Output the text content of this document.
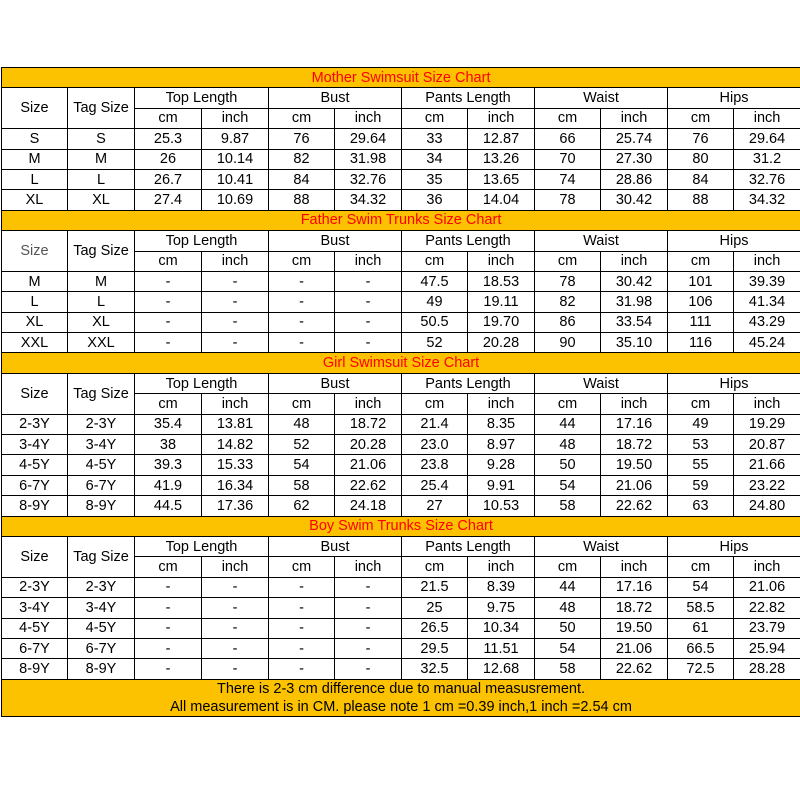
Mother Swimsuit Size Chart											
Size	Tag Size	Top Length		Bust		Pants Length		Waist		Hips	
		cm	inch	cm	inch	cm	inch	cm	inch	cm	inch
S	S	25.3	9.87	76	29.64	33	12.87	66	25.74	76	29.64
M	M	26	10.14	82	31.98	34	13.26	70	27.30	80	31.2
L	L	26.7	10.41	84	32.76	35	13.65	74	28.86	84	32.76
XL	XL	27.4	10.69	88	34.32	36	14.04	78	30.42	88	34.32
Father Swim Trunks Size Chart											
Size	Tag Size	Top Length		Bust		Pants Length		Waist		Hips	
		cm	inch	cm	inch	cm	inch	cm	inch	cm	inch
M	M	-	-	-	-	47.5	18.53	78	30.42	101	39.39
L	L	-	-	-	-	49	19.11	82	31.98	106	41.34
XL	XL	-	-	-	-	50.5	19.70	86	33.54	111	43.29
XXL	XXL	-	-	-	-	52	20.28	90	35.10	116	45.24
Girl Swimsuit Size Chart											
Size	Tag Size	Top Length		Bust		Pants Length		Waist		Hips	
		cm	inch	cm	inch	cm	inch	cm	inch	cm	inch
2-3Y	2-3Y	35.4	13.81	48	18.72	21.4	8.35	44	17.16	49	19.29
3-4Y	3-4Y	38	14.82	52	20.28	23.0	8.97	48	18.72	53	20.87
4-5Y	4-5Y	39.3	15.33	54	21.06	23.8	9.28	50	19.50	55	21.66
6-7Y	6-7Y	41.9	16.34	58	22.62	25.4	9.91	54	21.06	59	23.22
8-9Y	8-9Y	44.5	17.36	62	24.18	27	10.53	58	22.62	63	24.80
Boy Swim Trunks Size Chart											
Size	Tag Size	Top Length		Bust		Pants Length		Waist		Hips	
		cm	inch	cm	inch	cm	inch	cm	inch	cm	inch
2-3Y	2-3Y	-	-	-	-	21.5	8.39	44	17.16	54	21.06
3-4Y	3-4Y	-	-	-	-	25	9.75	48	18.72	58.5	22.82
4-5Y	4-5Y	-	-	-	-	26.5	10.34	50	19.50	61	23.79
6-7Y	6-7Y	-	-	-	-	29.5	11.51	54	21.06	66.5	25.94
8-9Y	8-9Y	-	-	-	-	32.5	12.68	58	22.62	72.5	28.28

There is 2-3 cm difference due to manual measusrement.
All measurement is in CM. please note 1 cm =0.39 inch,1 inch =2.54 cm											
